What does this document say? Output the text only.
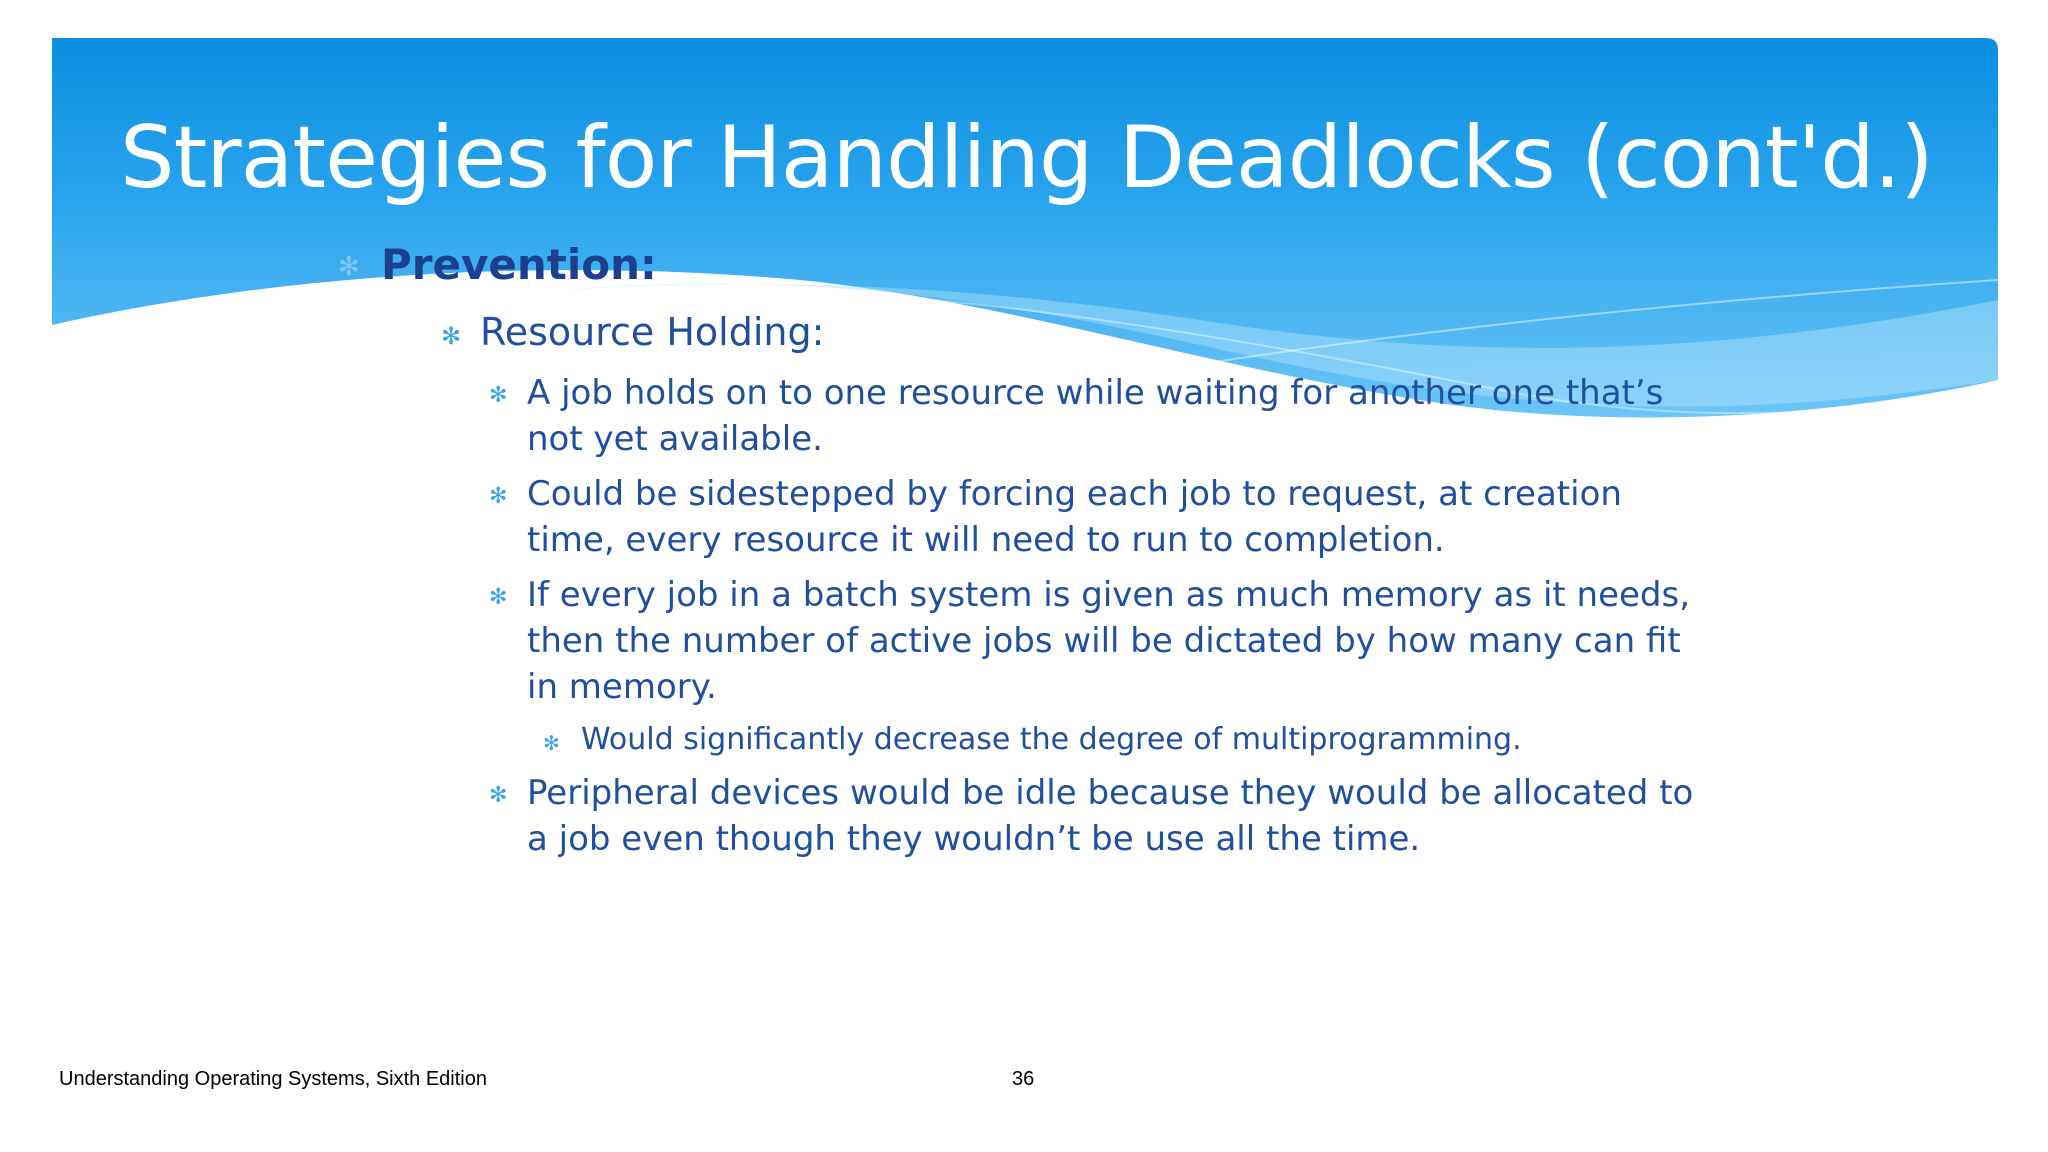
Strategies for Handling Deadlocks (cont'd.)
✻ Prevention:
✻ Resource Holding:
✻ A job holds on to one resource while waiting for another one that’s not yet available.
✻ Could be sidestepped by forcing each job to request, at creation time, every resource it will need to run to completion.
✻ If every job in a batch system is given as much memory as it needs, then the number of active jobs will be dictated by how many can fit in memory.
✻ Would significantly decrease the degree of multiprogramming.
✻ Peripheral devices would be idle because they would be allocated to a job even though they wouldn’t be use all the time.
Understanding Operating Systems, Sixth Edition	36
